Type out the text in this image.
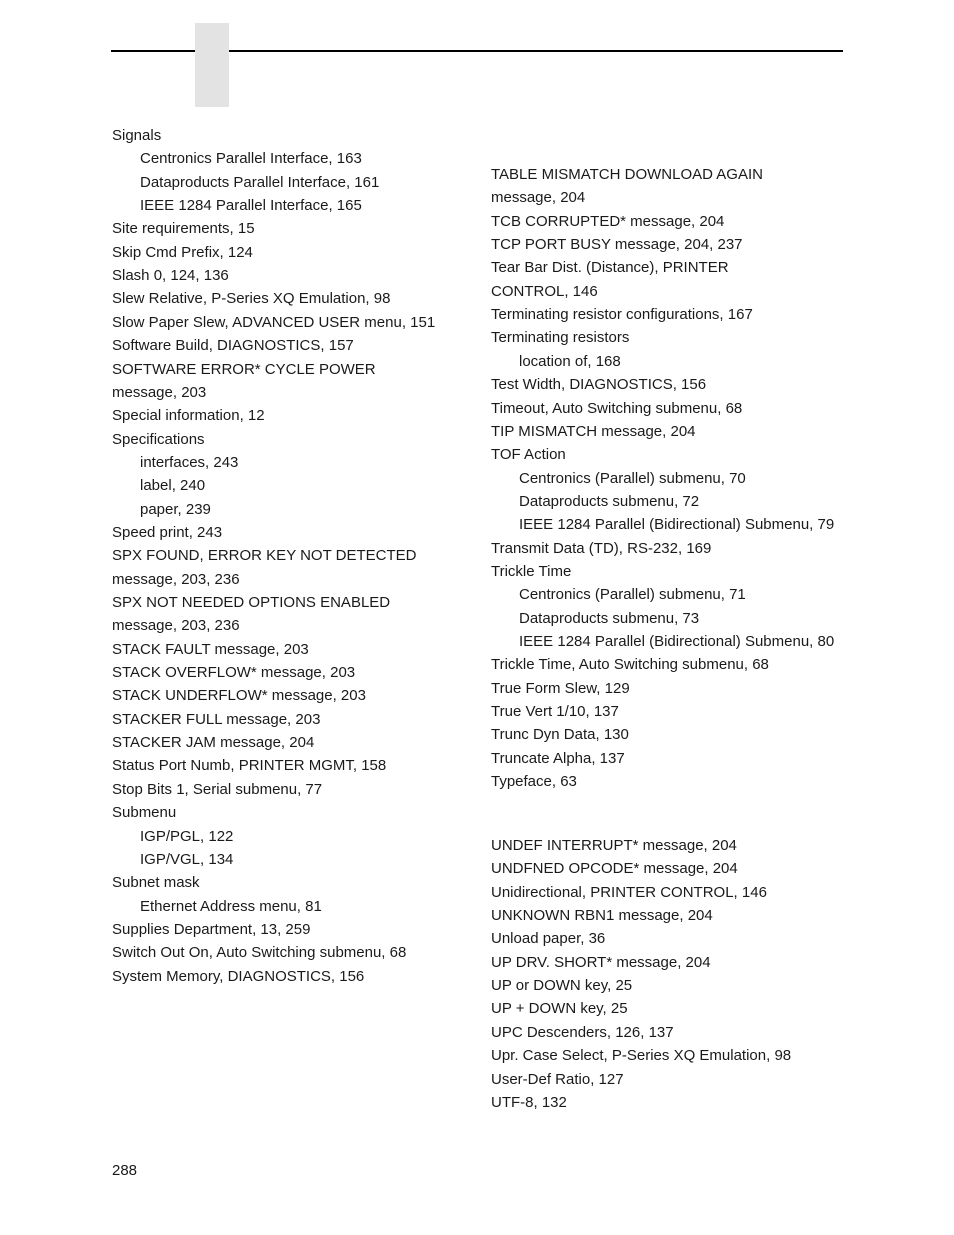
Signals
Centronics Parallel Interface, 163
Dataproducts Parallel Interface, 161
IEEE 1284 Parallel Interface, 165
Site requirements, 15
Skip Cmd Prefix, 124
Slash 0, 124, 136
Slew Relative, P-Series XQ Emulation, 98
Slow Paper Slew, ADVANCED USER menu, 151
Software Build, DIAGNOSTICS, 157
SOFTWARE ERROR* CYCLE POWER
message, 203
Special information, 12
Specifications
interfaces, 243
label, 240
paper, 239
Speed print, 243
SPX FOUND, ERROR KEY NOT DETECTED
message, 203, 236
SPX NOT NEEDED OPTIONS ENABLED
message, 203, 236
STACK FAULT message, 203
STACK OVERFLOW* message, 203
STACK UNDERFLOW* message, 203
STACKER FULL message, 203
STACKER JAM message, 204
Status Port Numb, PRINTER MGMT, 158
Stop Bits 1, Serial submenu, 77
Submenu
IGP/PGL, 122
IGP/VGL, 134
Subnet mask
Ethernet Address menu, 81
Supplies Department, 13, 259
Switch Out On, Auto Switching submenu, 68
System Memory, DIAGNOSTICS, 156
TABLE MISMATCH DOWNLOAD AGAIN
message, 204
TCB CORRUPTED* message, 204
TCP PORT BUSY message, 204, 237
Tear Bar Dist. (Distance), PRINTER
CONTROL, 146
Terminating resistor configurations, 167
Terminating resistors
location of, 168
Test Width, DIAGNOSTICS, 156
Timeout, Auto Switching submenu, 68
TIP MISMATCH message, 204
TOF Action
Centronics (Parallel) submenu, 70
Dataproducts submenu, 72
IEEE 1284 Parallel (Bidirectional) Submenu, 79
Transmit Data (TD), RS-232, 169
Trickle Time
Centronics (Parallel) submenu, 71
Dataproducts submenu, 73
IEEE 1284 Parallel (Bidirectional) Submenu, 80
Trickle Time, Auto Switching submenu, 68
True Form Slew, 129
True Vert 1/10, 137
Trunc Dyn Data, 130
Truncate Alpha, 137
Typeface, 63
UNDEF INTERRUPT* message, 204
UNDFNED OPCODE* message, 204
Unidirectional, PRINTER CONTROL, 146
UNKNOWN RBN1 message, 204
Unload paper, 36
UP DRV. SHORT* message, 204
UP or DOWN key, 25
UP + DOWN key, 25
UPC Descenders, 126, 137
Upr. Case Select, P-Series XQ Emulation, 98
User-Def Ratio, 127
UTF-8, 132
288
